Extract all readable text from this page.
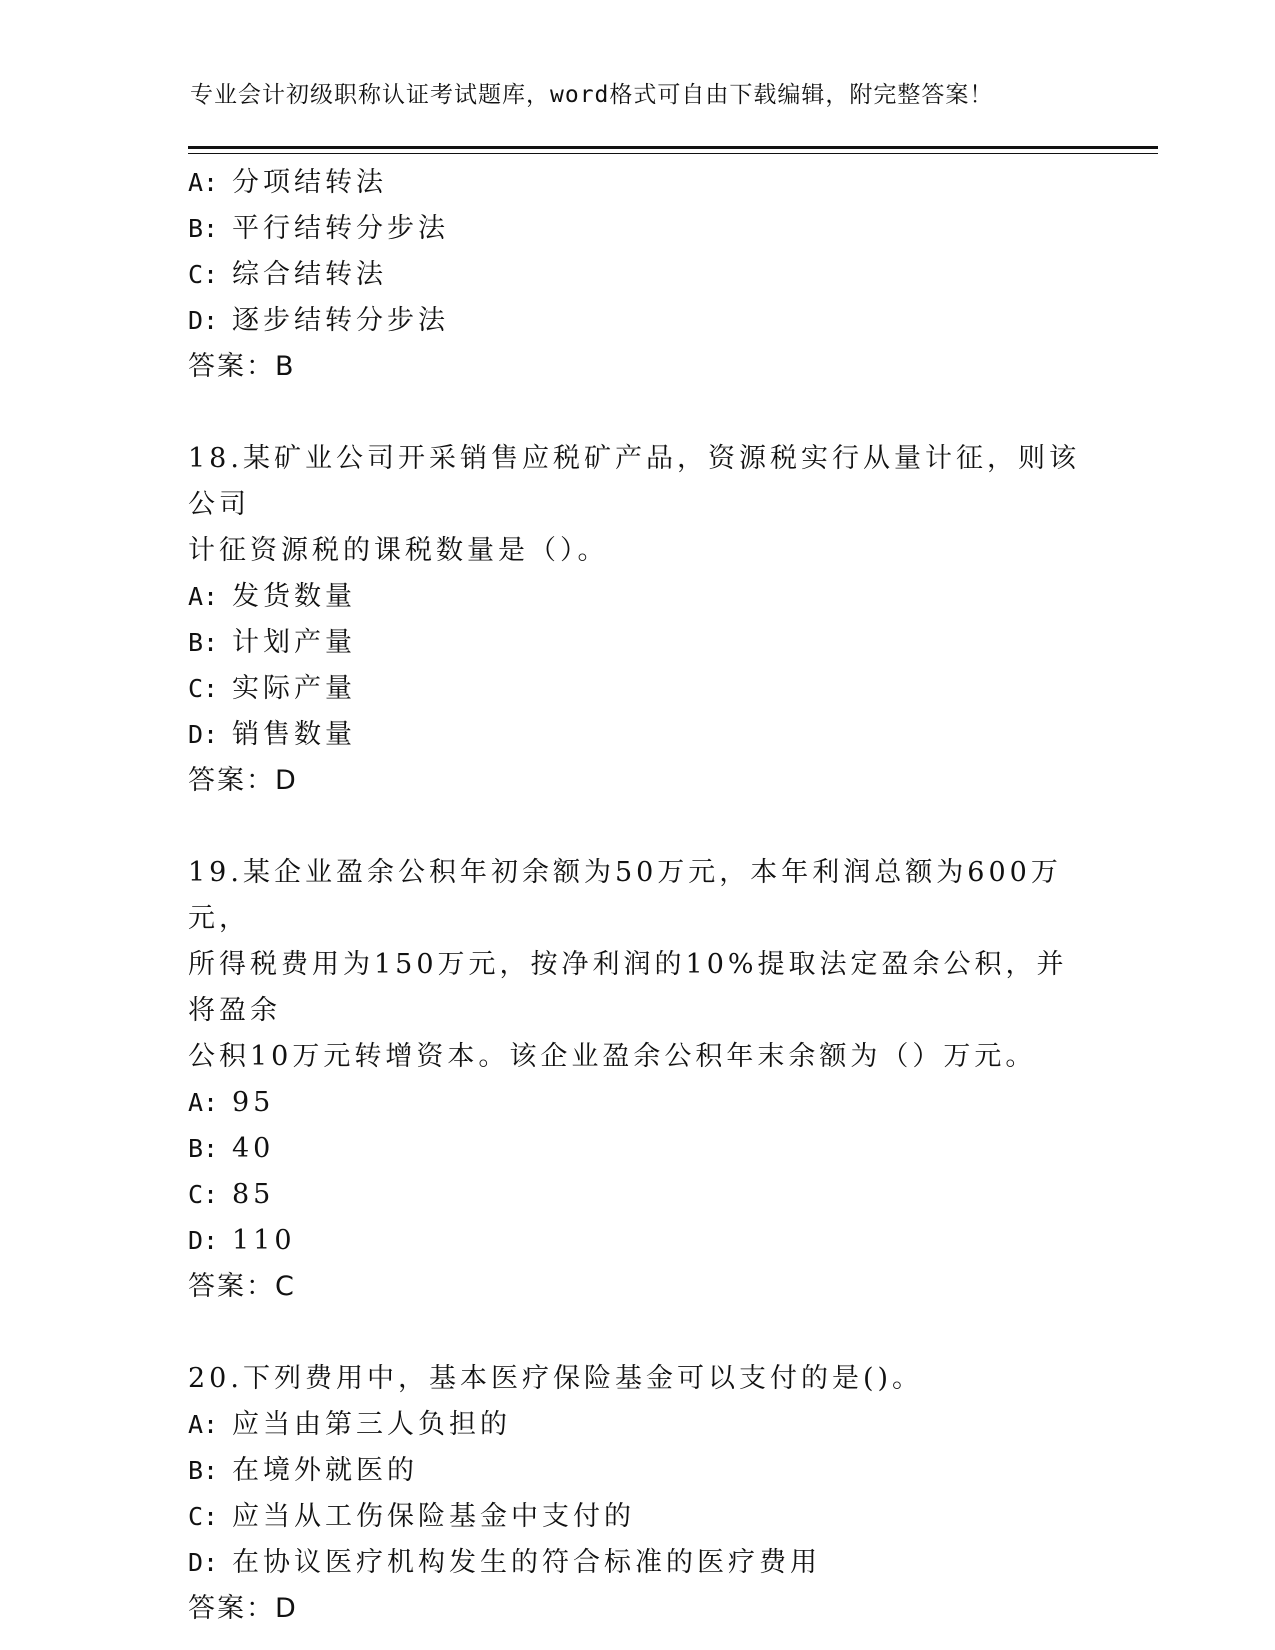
专业会计初级职称认证考试题库，word格式可自由下载编辑，附完整答案！
A: 分项结转法
B: 平行结转分步法
C: 综合结转法
D: 逐步结转分步法
答案：B
18.某矿业公司开采销售应税矿产品，资源税实行从量计征，则该公司
计征资源税的课税数量是（）。
A: 发货数量
B: 计划产量
C: 实际产量
D: 销售数量
答案：D
19.某企业盈余公积年初余额为50万元，本年利润总额为600万元，
所得税费用为150万元，按净利润的10%提取法定盈余公积，并将盈余
公积10万元转增资本。该企业盈余公积年末余额为（）万元。
A: 95
B: 40
C: 85
D: 110
答案：C
20.下列费用中，基本医疗保险基金可以支付的是()。
A: 应当由第三人负担的
B: 在境外就医的
C: 应当从工伤保险基金中支付的
D: 在协议医疗机构发生的符合标准的医疗费用
答案：D
